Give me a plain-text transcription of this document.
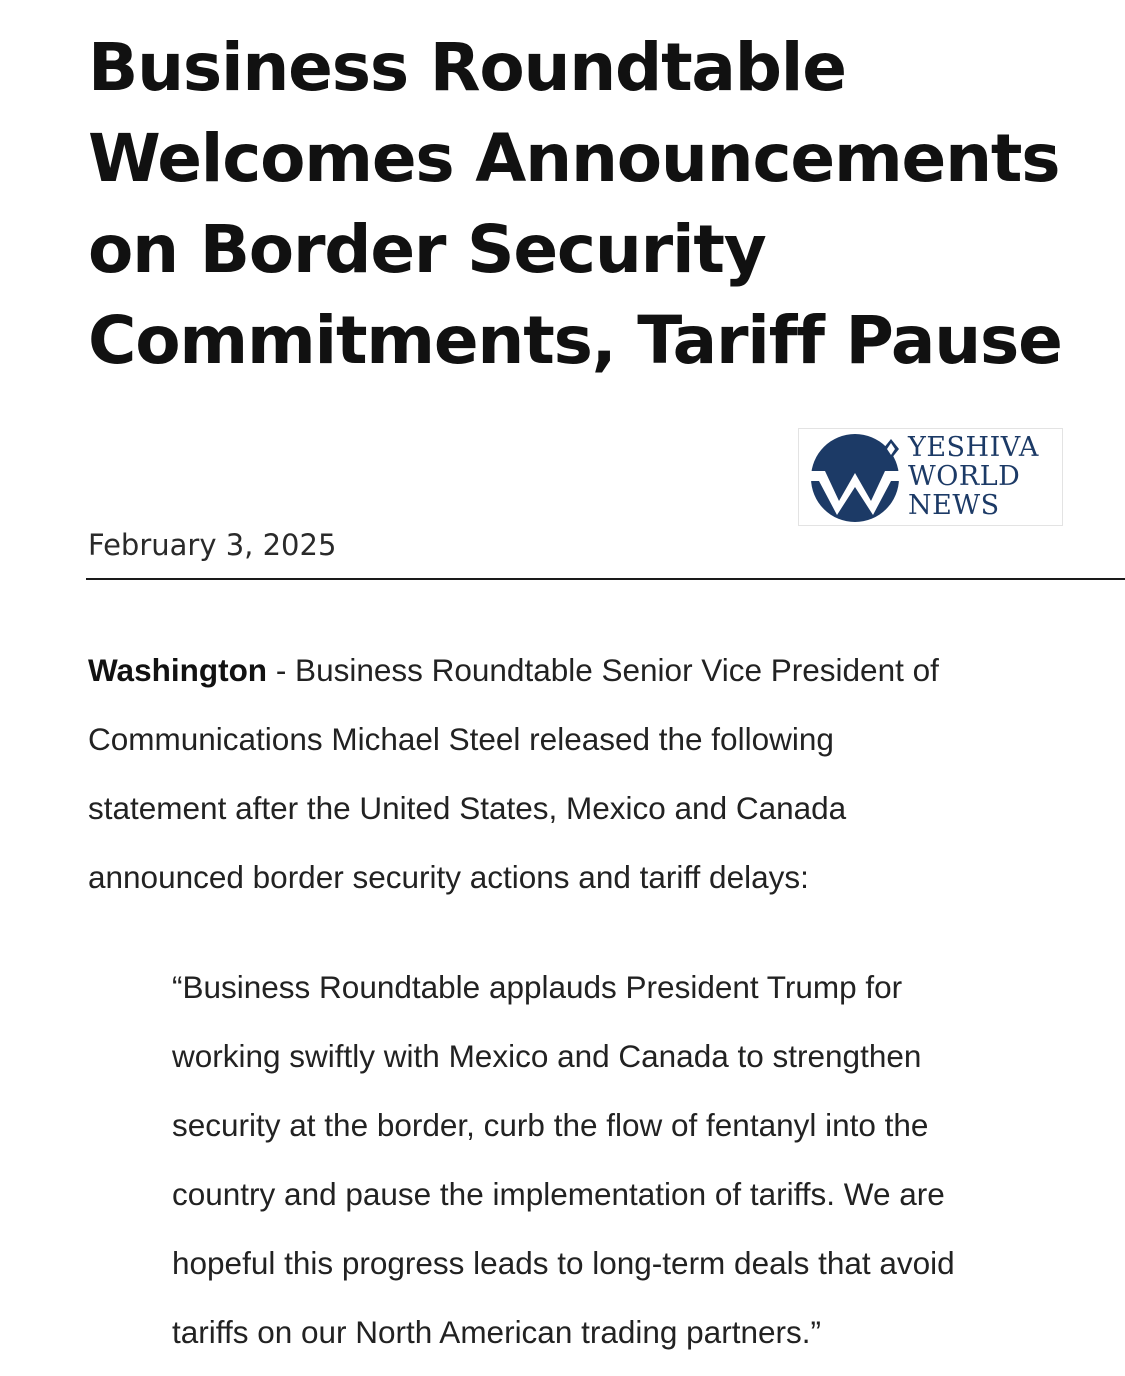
Business Roundtable
Welcomes Announcements
on Border Security
Commitments, Tariff Pause
YESHIVA
WORLD
NEWS
February 3, 2025

Washington - Business Roundtable Senior Vice President of
Communications Michael Steel released the following
statement after the United States, Mexico and Canada
announced border security actions and tariff delays:

“Business Roundtable applauds President Trump for
working swiftly with Mexico and Canada to strengthen
security at the border, curb the flow of fentanyl into the
country and pause the implementation of tariffs. We are
hopeful this progress leads to long-term deals that avoid
tariffs on our North American trading partners.”
